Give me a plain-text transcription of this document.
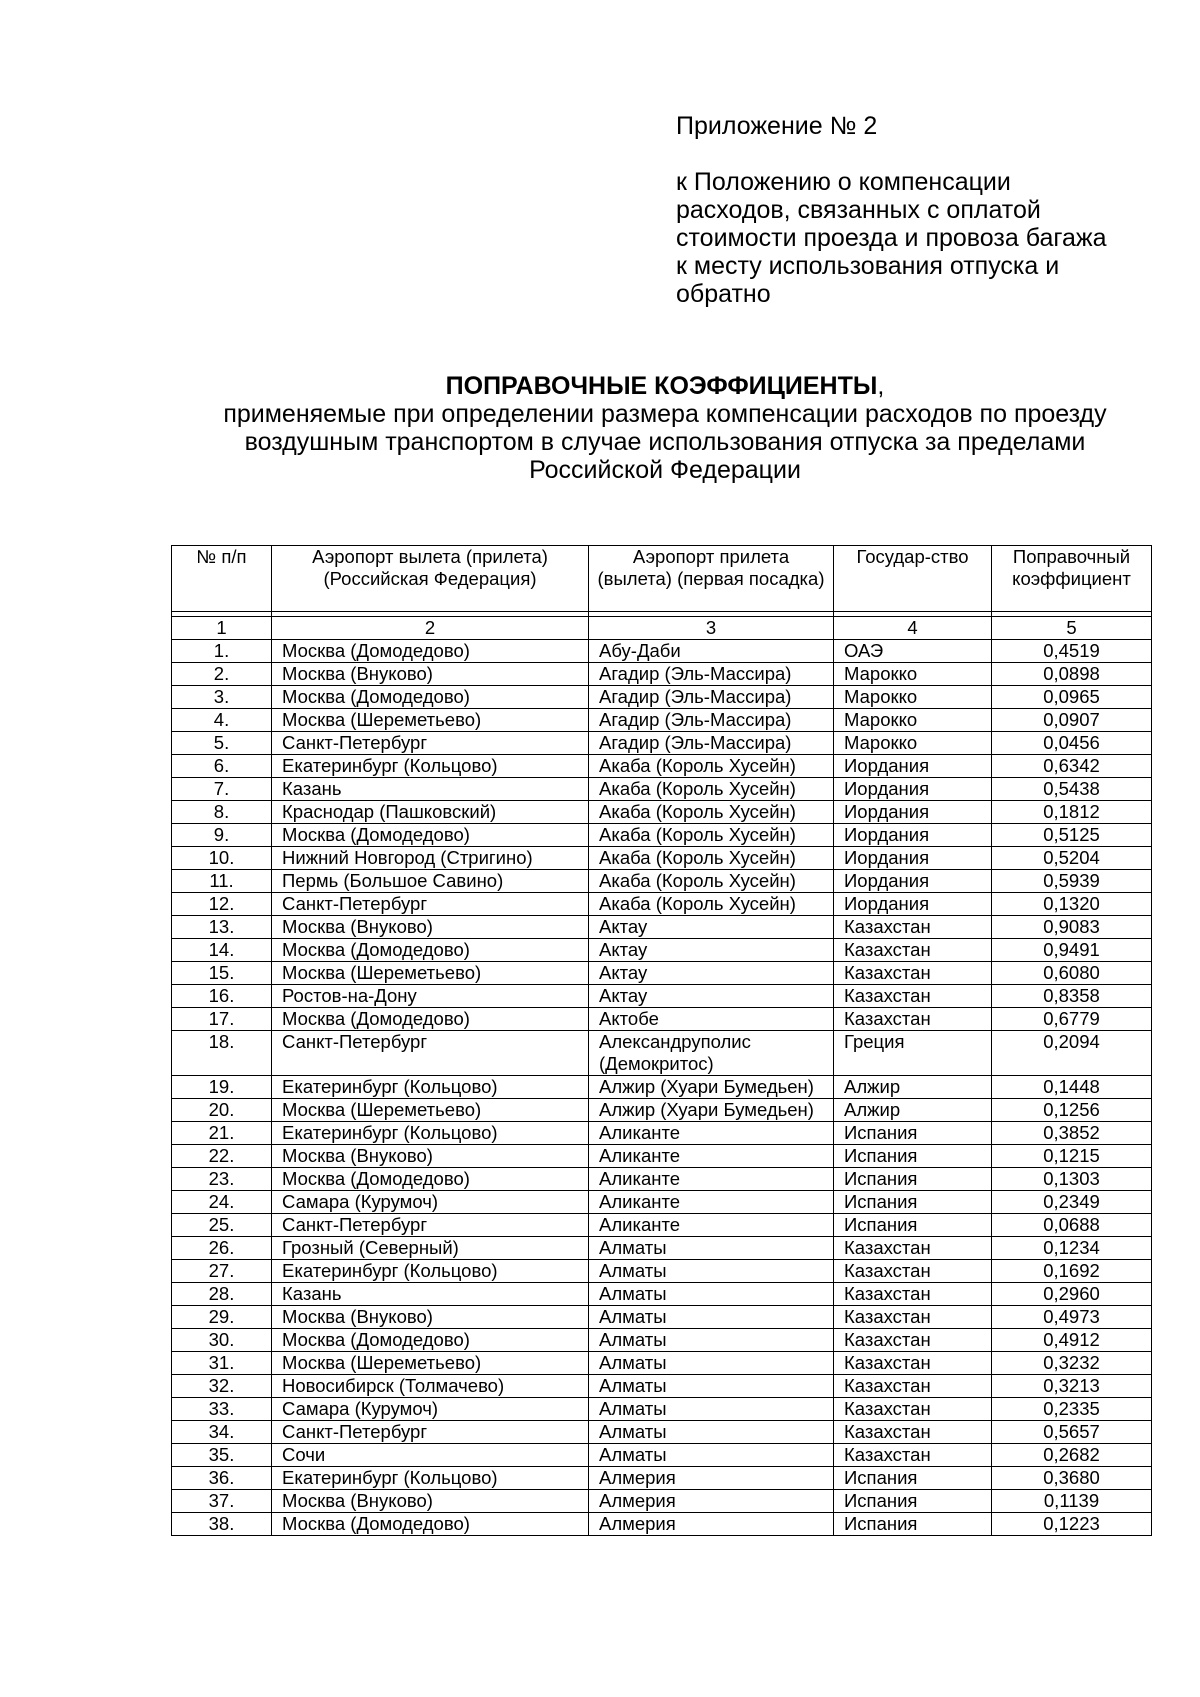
Приложение № 2
к Положению о компенсации
расходов, связанных с оплатой
стоимости проезда и провоза багажа
к месту использования отпуска и
обратно
ПОПРАВОЧНЫЕ КОЭФФИЦИЕНТЫ,
применяемые при определении размера компенсации расходов по проезду
воздушным транспортом в случае использования отпуска за пределами
Российской Федерации
№ п/п	Аэропорт вылета (прилета) (Российская Федерация)	Аэропорт прилета (вылета) (первая посадка)	Государ-ство	Поправочный коэффициент

1	2	3	4	5
1.	Москва (Домодедово)	Абу-Даби	ОАЭ	0,4519
2.	Москва (Внуково)	Агадир (Эль-Массира)	Марокко	0,0898
3.	Москва (Домодедово)	Агадир (Эль-Массира)	Марокко	0,0965
4.	Москва (Шереметьево)	Агадир (Эль-Массира)	Марокко	0,0907
5.	Санкт-Петербург	Агадир (Эль-Массира)	Марокко	0,0456
6.	Екатеринбург (Кольцово)	Акаба (Король Хусейн)	Иордания	0,6342
7.	Казань	Акаба (Король Хусейн)	Иордания	0,5438
8.	Краснодар (Пашковский)	Акаба (Король Хусейн)	Иордания	0,1812
9.	Москва (Домодедово)	Акаба (Король Хусейн)	Иордания	0,5125
10.	Нижний Новгород (Стригино)	Акаба (Король Хусейн)	Иордания	0,5204
11.	Пермь (Большое Савино)	Акаба (Король Хусейн)	Иордания	0,5939
12.	Санкт-Петербург	Акаба (Король Хусейн)	Иордания	0,1320
13.	Москва (Внуково)	Актау	Казахстан	0,9083
14.	Москва (Домодедово)	Актау	Казахстан	0,9491
15.	Москва (Шереметьево)	Актау	Казахстан	0,6080
16.	Ростов-на-Дону	Актау	Казахстан	0,8358
17.	Москва (Домодедово)	Актобе	Казахстан	0,6779
18.	Санкт-Петербург	Александруполис (Демокритос)	Греция	0,2094
19.	Екатеринбург (Кольцово)	Алжир (Хуари Бумедьен)	Алжир	0,1448
20.	Москва (Шереметьево)	Алжир (Хуари Бумедьен)	Алжир	0,1256
21.	Екатеринбург (Кольцово)	Аликанте	Испания	0,3852
22.	Москва (Внуково)	Аликанте	Испания	0,1215
23.	Москва (Домодедово)	Аликанте	Испания	0,1303
24.	Самара (Курумоч)	Аликанте	Испания	0,2349
25.	Санкт-Петербург	Аликанте	Испания	0,0688
26.	Грозный (Северный)	Алматы	Казахстан	0,1234
27.	Екатеринбург (Кольцово)	Алматы	Казахстан	0,1692
28.	Казань	Алматы	Казахстан	0,2960
29.	Москва (Внуково)	Алматы	Казахстан	0,4973
30.	Москва (Домодедово)	Алматы	Казахстан	0,4912
31.	Москва (Шереметьево)	Алматы	Казахстан	0,3232
32.	Новосибирск (Толмачево)	Алматы	Казахстан	0,3213
33.	Самара (Курумоч)	Алматы	Казахстан	0,2335
34.	Санкт-Петербург	Алматы	Казахстан	0,5657
35.	Сочи	Алматы	Казахстан	0,2682
36.	Екатеринбург (Кольцово)	Алмерия	Испания	0,3680
37.	Москва (Внуково)	Алмерия	Испания	0,1139
38.	Москва (Домодедово)	Алмерия	Испания	0,1223
